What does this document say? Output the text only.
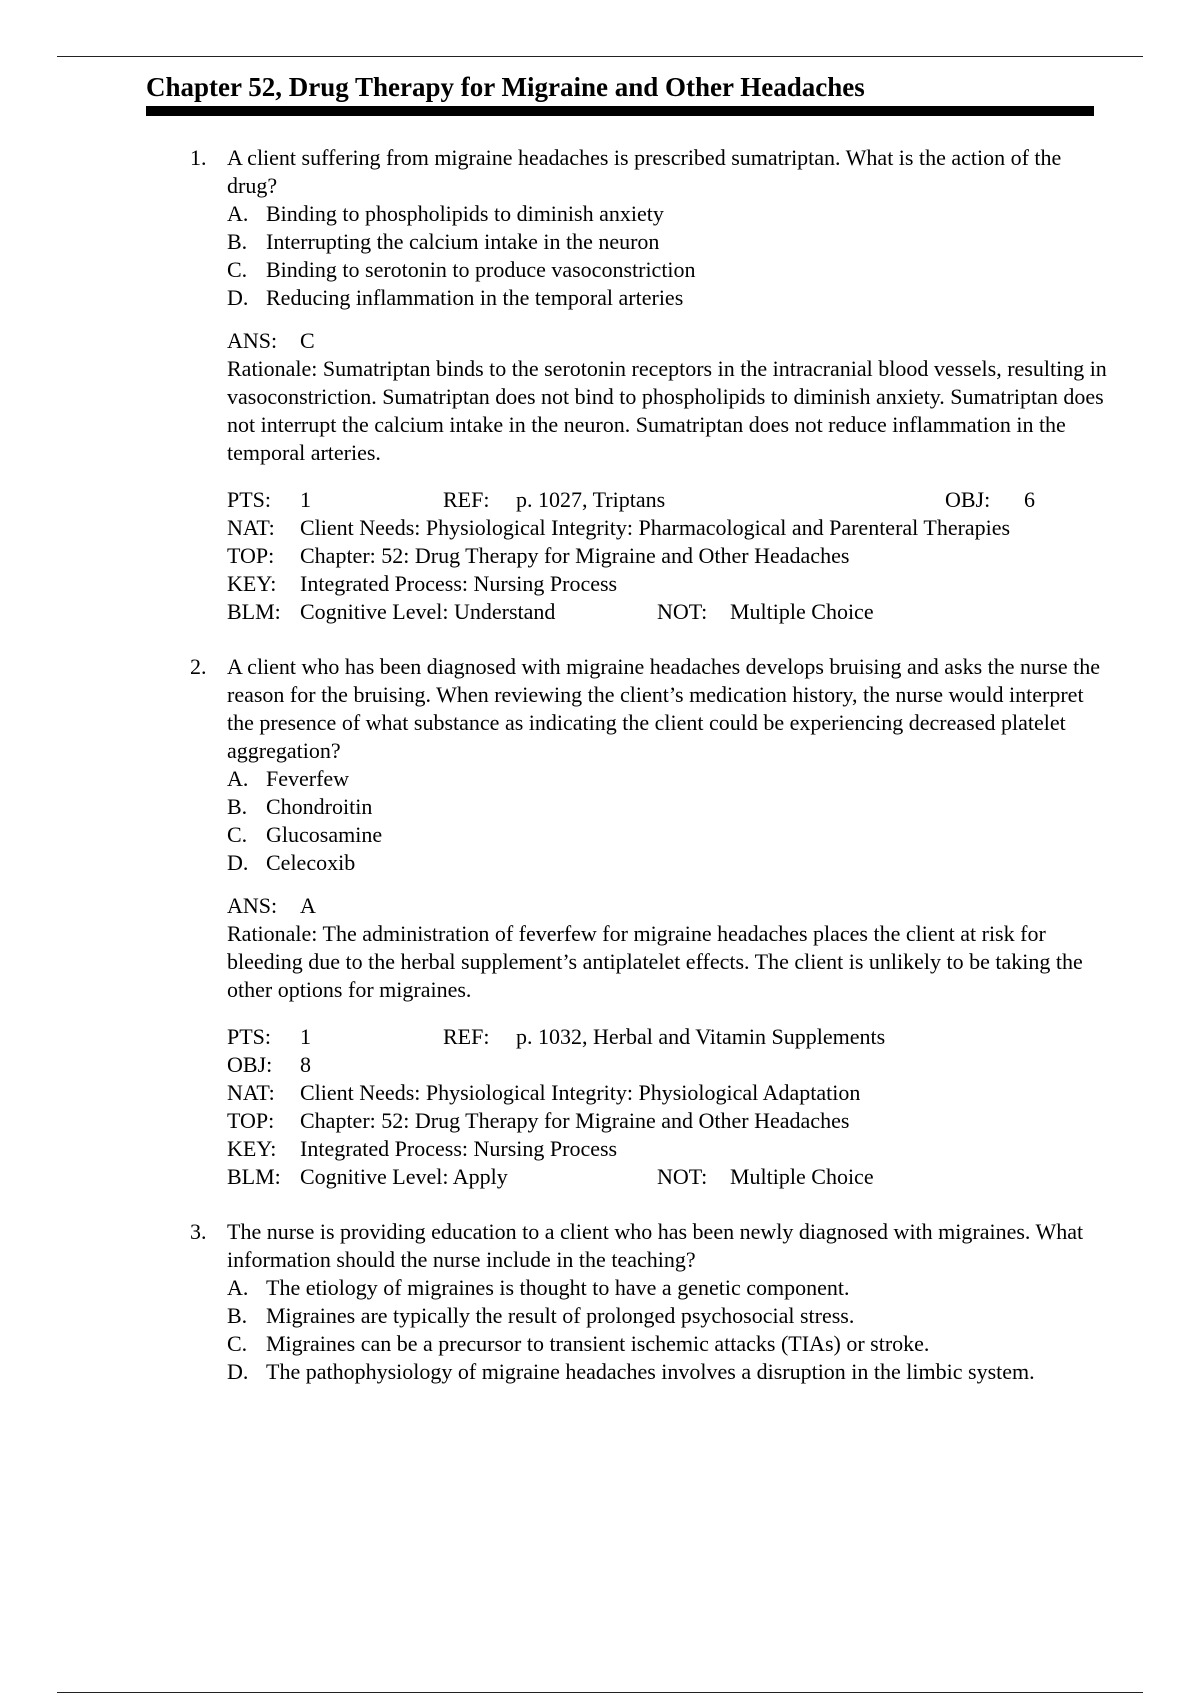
Chapter 52, Drug Therapy for Migraine and Other Headaches
1. A client suffering from migraine headaches is prescribed sumatriptan. What is the action of the drug?

A. Binding to phospholipids to diminish anxiety
B. Interrupting the calcium intake in the neuron
C. Binding to serotonin to produce vasoconstriction
D. Reducing inflammation in the temporal arteries
ANS: C

Rationale: Sumatriptan binds to the serotonin receptors in the intracranial blood vessels, resulting in vasoconstriction. Sumatriptan does not bind to phospholipids to diminish anxiety. Sumatriptan does not interrupt the calcium intake in the neuron. Sumatriptan does not reduce inflammation in the temporal arteries.

PTS:	1	REF:	p. 1027, Triptans	OBJ:	6
NAT:	Client Needs: Physiological Integrity: Pharmacological and Parenteral Therapies
TOP:	Chapter: 52: Drug Therapy for Migraine and Other Headaches
KEY:	Integrated Process: Nursing Process
BLM: Cognitive Level: Understand	NOT:	Multiple Choice
2. A client who has been diagnosed with migraine headaches develops bruising and asks the nurse the reason for the bruising. When reviewing the client’s medication history, the nurse would interpret the presence of what substance as indicating the client could be experiencing decreased platelet aggregation?

A. Feverfew
B. Chondroitin
C. Glucosamine
D. Celecoxib
ANS: A

Rationale: The administration of feverfew for migraine headaches places the client at risk for bleeding due to the herbal supplement’s antiplatelet effects. The client is unlikely to be taking the other options for migraines.

PTS:	1	REF:	p. 1032, Herbal and Vitamin Supplements
OBJ:	8
NAT:	Client Needs: Physiological Integrity: Physiological Adaptation
TOP:	Chapter: 52: Drug Therapy for Migraine and Other Headaches
KEY:	Integrated Process: Nursing Process
BLM: Cognitive Level: Apply	NOT:	Multiple Choice
3. The nurse is providing education to a client who has been newly diagnosed with migraines. What information should the nurse include in the teaching?

A. The etiology of migraines is thought to have a genetic component.
B. Migraines are typically the result of prolonged psychosocial stress.
C. Migraines can be a precursor to transient ischemic attacks (TIAs) or stroke.
D. The pathophysiology of migraine headaches involves a disruption in the limbic system.
